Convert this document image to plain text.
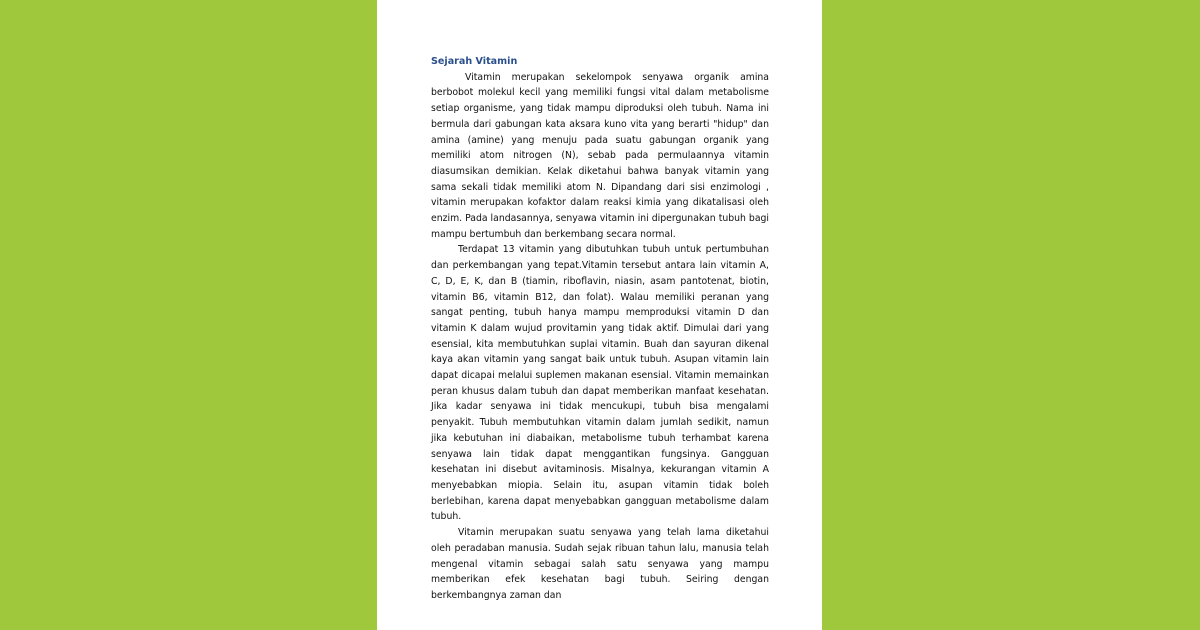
Sejarah Vitamin

Vitamin merupakan sekelompok senyawa organik amina berbobot molekul kecil yang memiliki fungsi vital dalam metabolisme setiap organisme, yang tidak mampu diproduksi oleh tubuh. Nama ini bermula dari gabungan kata aksara kuno vita yang berarti "hidup" dan amina (amine) yang menuju pada suatu gabungan organik yang memiliki atom nitrogen (N), sebab pada permulaannya vitamin diasumsikan demikian. Kelak diketahui bahwa banyak vitamin yang sama sekali tidak memiliki atom N. Dipandang dari sisi enzimologi , vitamin merupakan kofaktor dalam reaksi kimia yang dikatalisasi oleh enzim. Pada landasannya, senyawa vitamin ini dipergunakan tubuh bagi mampu bertumbuh dan berkembang secara normal.

Terdapat 13 vitamin yang dibutuhkan tubuh untuk pertumbuhan dan perkembangan yang tepat.Vitamin tersebut antara lain vitamin A, C, D, E, K, dan B (tiamin, riboflavin, niasin, asam pantotenat, biotin, vitamin B6, vitamin B12, dan folat). Walau memiliki peranan yang sangat penting, tubuh hanya mampu memproduksi vitamin D dan vitamin K dalam wujud provitamin yang tidak aktif. Dimulai dari yang esensial, kita membutuhkan suplai vitamin. Buah dan sayuran dikenal kaya akan vitamin yang sangat baik untuk tubuh. Asupan vitamin lain dapat dicapai melalui suplemen makanan esensial. Vitamin memainkan peran khusus dalam tubuh dan dapat memberikan manfaat kesehatan. Jika kadar senyawa ini tidak mencukupi, tubuh bisa mengalami penyakit. Tubuh membutuhkan vitamin dalam jumlah sedikit, namun jika kebutuhan ini diabaikan, metabolisme tubuh terhambat karena senyawa lain tidak dapat menggantikan fungsinya. Gangguan kesehatan ini disebut avitaminosis. Misalnya, kekurangan vitamin A menyebabkan miopia. Selain itu, asupan vitamin tidak boleh berlebihan, karena dapat menyebabkan gangguan metabolisme dalam tubuh.

Vitamin merupakan suatu senyawa yang telah lama diketahui oleh peradaban manusia. Sudah sejak ribuan tahun lalu, manusia telah mengenal vitamin sebagai salah satu senyawa yang mampu memberikan efek kesehatan bagi tubuh. Seiring dengan berkembangnya zaman dan
